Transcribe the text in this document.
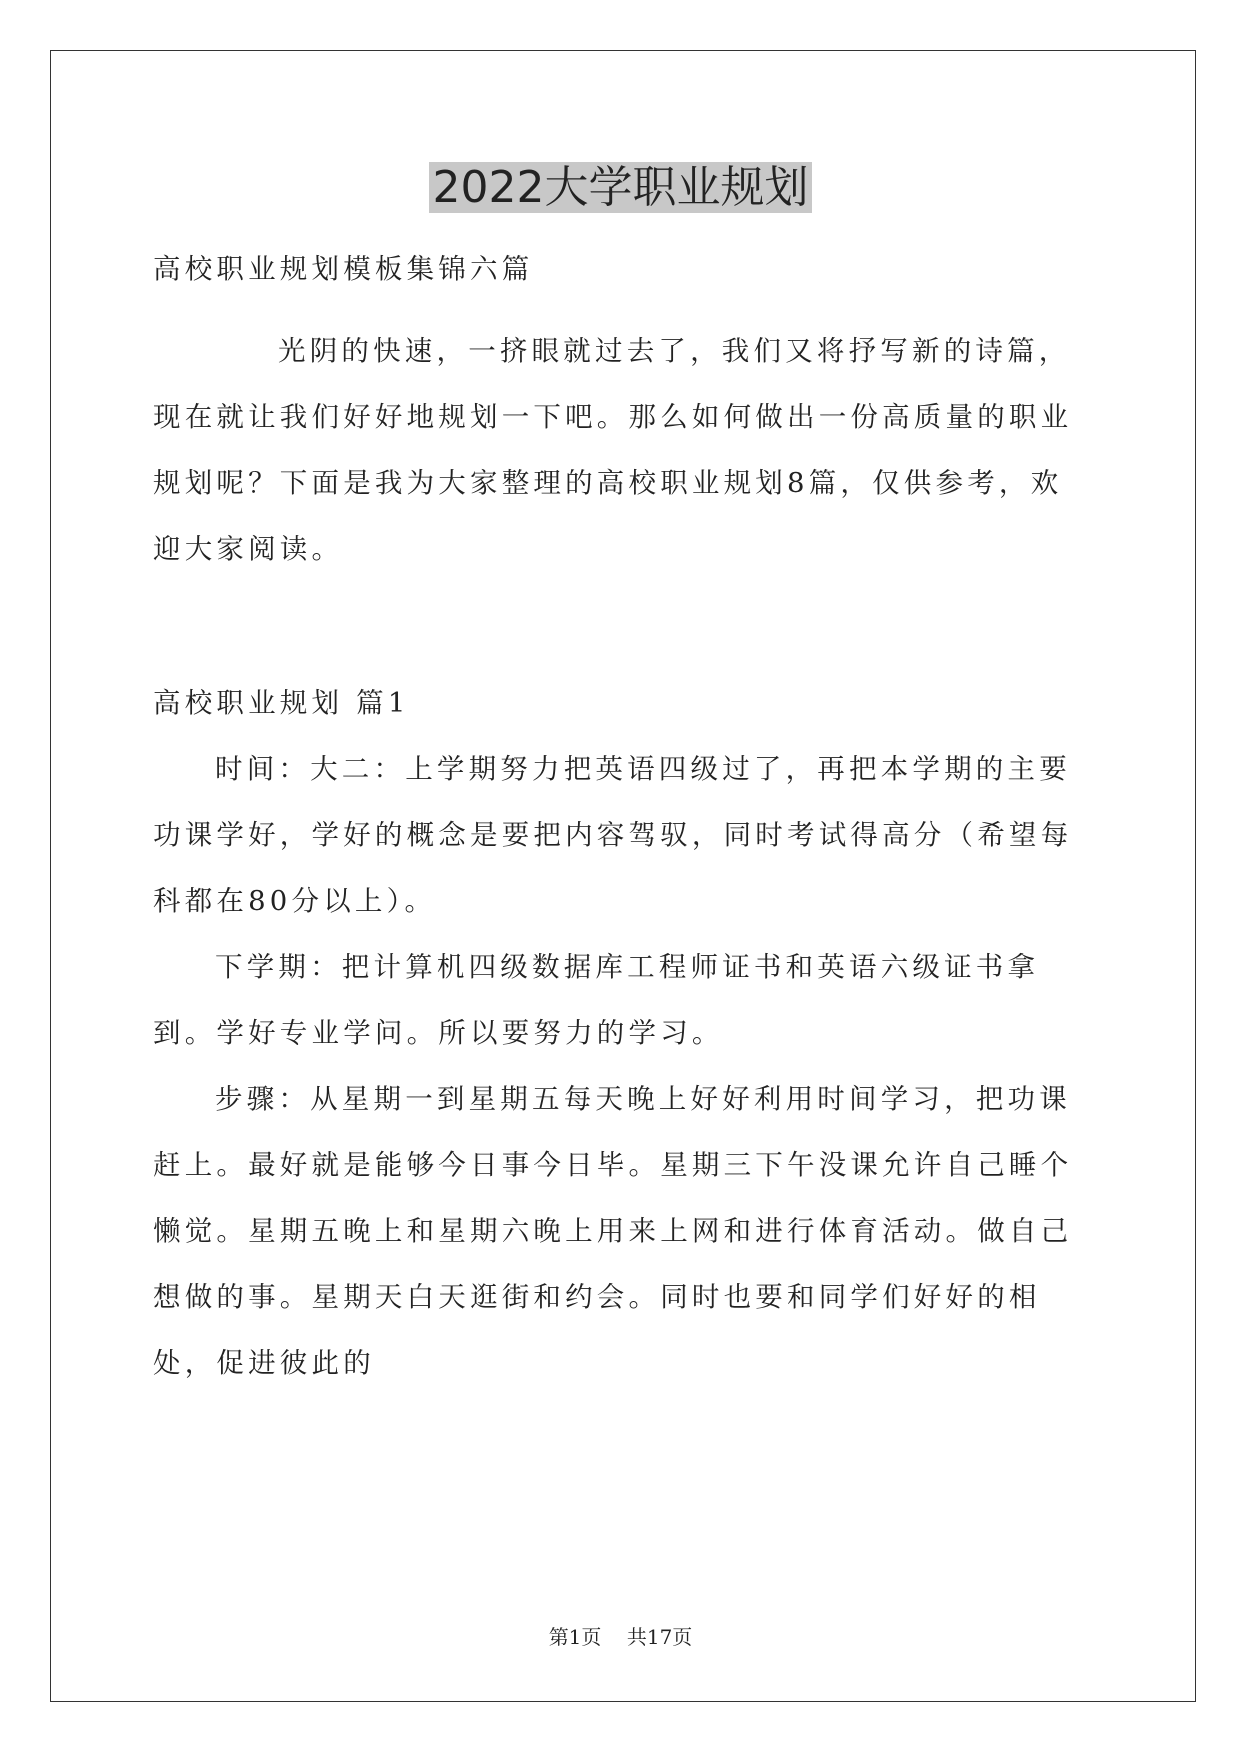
2022大学职业规划

高校职业规划模板集锦六篇

光阴的快速，一挤眼就过去了，我们又将抒写新的诗篇，现在就让我们好好地规划一下吧。那么如何做出一份高质量的职业规划呢？下面是我为大家整理的高校职业规划8篇，仅供参考，欢迎大家阅读。

高校职业规划 篇1

时间：大二：上学期努力把英语四级过了，再把本学期的主要功课学好，学好的概念是要把内容驾驭，同时考试得高分（希望每科都在80分以上）。

下学期：把计算机四级数据库工程师证书和英语六级证书拿到。学好专业学问。所以要努力的学习。

步骤：从星期一到星期五每天晚上好好利用时间学习，把功课赶上。最好就是能够今日事今日毕。星期三下午没课允许自己睡个懒觉。星期五晚上和星期六晚上用来上网和进行体育活动。做自己想做的事。星期天白天逛街和约会。同时也要和同学们好好的相处，促进彼此的

第1页 共17页
